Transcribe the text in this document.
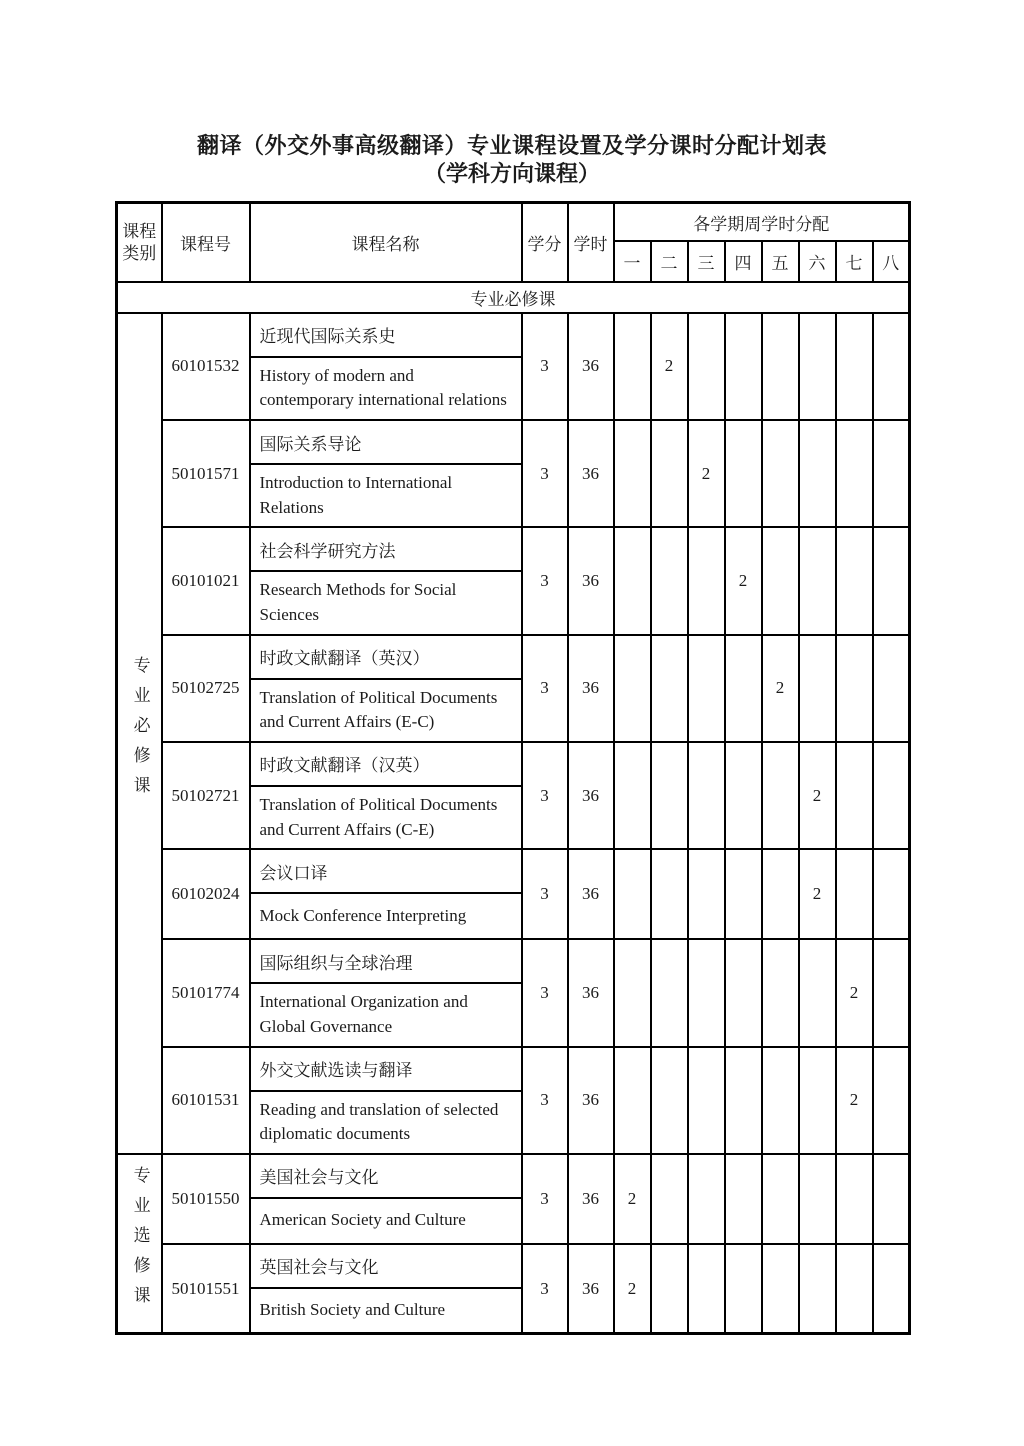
翻译（外交外事高级翻译）专业课程设置及学分课时分配计划表
（学科方向课程）
课程类别	课程号	课程名称	学分	学时	各学期周学时分配							
					一	二	三	四	五	六	七	八
专业必修课												
专业必修课	60101532	近现代国际关系史	3	36		2						
		History of modern and contemporary international relations										
	50101571	国际关系导论	3	36			2					
		Introduction to International Relations										
	60101021	社会科学研究方法	3	36				2				
		Research Methods for Social Sciences										
	50102725	时政文献翻译（英汉）	3	36					2			
		Translation of Political Documents and Current Affairs (E-C)										
	50102721	时政文献翻译（汉英）	3	36						2		
		Translation of Political Documents and Current Affairs (C-E)										
	60102024	会议口译	3	36						2		
		Mock Conference Interpreting										
	50101774	国际组织与全球治理	3	36							2	
		International Organization and Global Governance										
	60101531	外交文献选读与翻译	3	36							2	
		Reading and translation of selected diplomatic documents										
专业选修课	50101550	美国社会与文化	3	36	2							
		American Society and Culture										
	50101551	英国社会与文化	3	36	2							
		British Society and Culture										
